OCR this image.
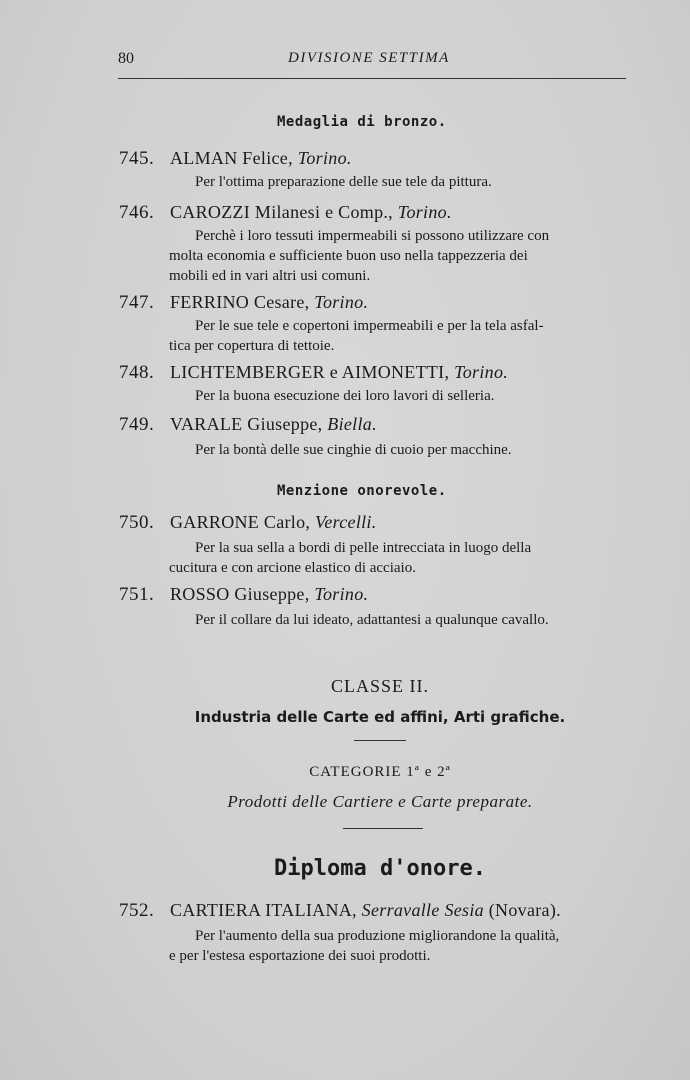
80	DIVISIONE SETTIMA
Medaglia di bronzo.
745. ALMAN Felice, Torino.
Per l'ottima preparazione delle sue tele da pittura.
746. CAROZZI Milanesi e Comp., Torino.
Perchè i loro tessuti impermeabili si possono utilizzare con
molta economia e sufficiente buon uso nella tappezzeria dei
mobili ed in vari altri usi comuni.
747. FERRINO Cesare, Torino.
Per le sue tele e copertoni impermeabili e per la tela asfal-
tica per copertura di tettoie.
748. LICHTEMBERGER e AIMONETTI, Torino.
Per la buona esecuzione dei loro lavori di selleria.
749. VARALE Giuseppe, Biella.
Per la bontà delle sue cinghie di cuoio per macchine.
Menzione onorevole.
750. GARRONE Carlo, Vercelli.
Per la sua sella a bordi di pelle intrecciata in luogo della
cucitura e con arcione elastico di acciaio.
751. ROSSO Giuseppe, Torino.
Per il collare da lui ideato, adattantesi a qualunque cavallo.
CLASSE II.
Industria delle Carte ed affini, Arti grafiche.
CATEGORIE 1ª e 2ª
Prodotti delle Cartiere e Carte preparate.
Diploma d'onore.
752. CARTIERA ITALIANA, Serravalle Sesia (Novara).
Per l'aumento della sua produzione migliorandone la qualità,
e per l'estesa esportazione dei suoi prodotti.
